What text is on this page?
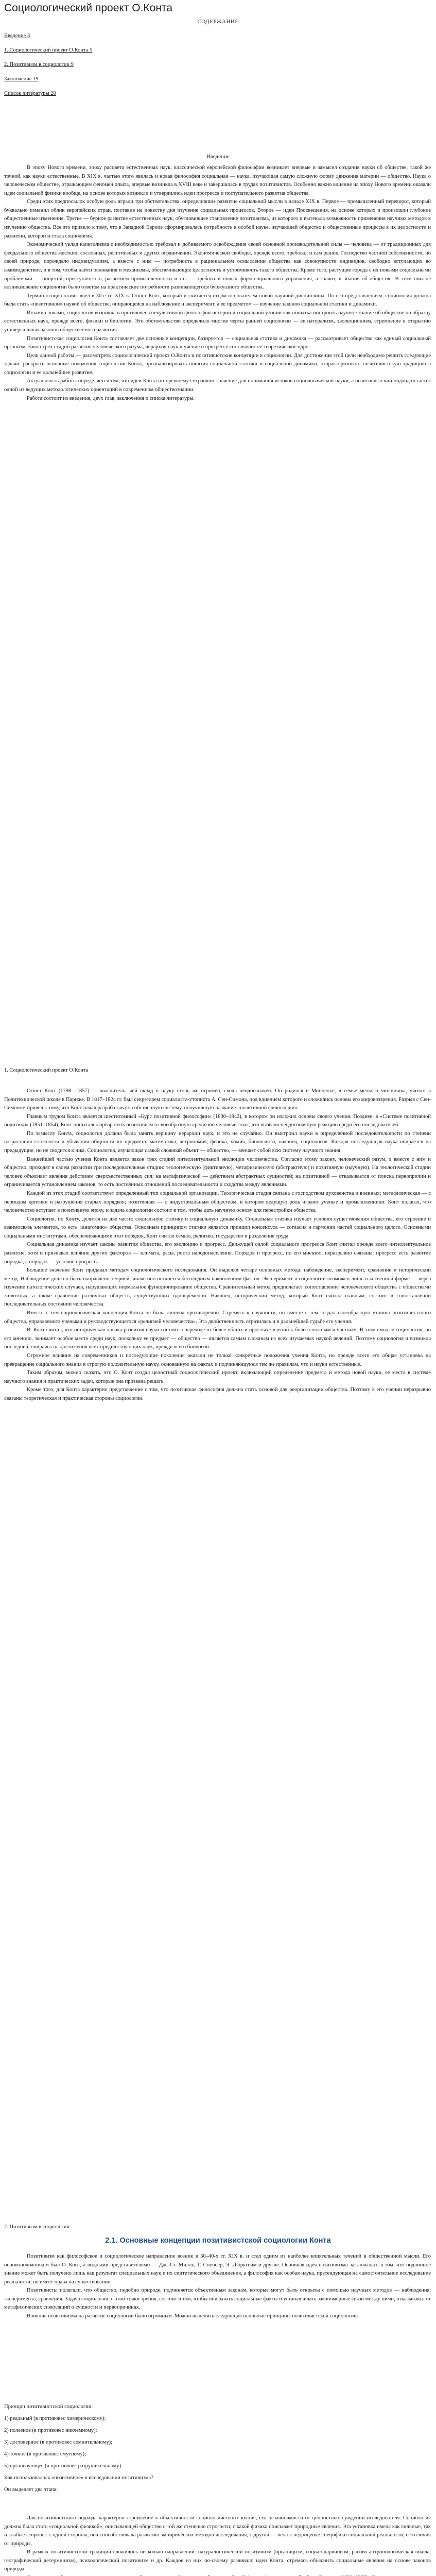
Социологический проект О.Конта
СОДЕРЖАНИЕ
Введение 3
1. Социологический проект О.Конта 5
2. Позитивизм в социологии 9
Заключение 19
Список литературы 20
Введение

В эпоху Нового времени, эпоху расцвета естественных наук, классической европейской философии возникает впервые и замысел создания науки об обществе, такой же точной, как науки естественные. В XIX в. частью этого явилась и новая философия социальная — наука, изучающая самую сложную форму движения материи — общество. Наука о человеческом обществе, отражающем феномен опыта, впервые возникла в XVIII веке и завершилась в трудах позитивистов. Особенно важно влияние на эпоху Нового времени оказали идеи социальной физики вообще, на основе которых возникли и утвердились идеи прогресса и поступательного развития общества.

Среди этих предпосылок особую роль играли три обстоятельства, определившие развитие социальной мысли в начале XIX в. Первое — промышленный переворот, который буквально изменил облик европейских стран, поставив на повестку дня изучение социальных процессов. Второе — идеи Просвещения, на основе которых и произошли глубокие общественные изменения. Третье — бурное развитие естественных наук, обусловившее становление позитивизма, из которого и вытекала возможность применения научных методов к изучению общества. Все это привело к тому, что в Западной Европе сформировалась потребность в особой науке, изучающей общество и общественные процессы в их целостности и развитии, которой и стала социология.

Экономический уклад капитализма с необходимостью требовал и добиваемого освобождения своей основной производительной силы — человека — от традиционных для феодального общества жестких, сословных, религиозных и других ограничений. Экономической свободы, прежде всего, требовал и сам рынок. Господство частной собственности, по своей природе, порождало индивидуализм, а вместе с ним — потребность в рациональном осмыслении общества как совокупности индивидов, свободно вступающих во взаимодействие, и в том, чтобы найти основания и механизмы, обеспечивающие целостность и устойчивость такого общества. Кроме того, растущие города с их новыми социальными проблемами — нищетой, преступностью, развитием промышленности и т.п. — требовали новых форм социального управления, а значит, и знания об обществе. В этом смысле возникновение социологии было ответом на практические потребности развивающегося буржуазного общества.

Термин «социология» ввел в 30-е гг. XIX в. Огюст Конт, который и считается отцом-основателем новой научной дисциплины. По его представлениям, социология должна была стать «позитивной» наукой об обществе, опирающейся на наблюдение и эксперимент, а ее предметом — изучение законов социальной статики и динамики.

Иными словами, социология возникла в противовес спекулятивной философии истории и социальной утопии как попытка построить научное знание об обществе по образцу естественных наук, прежде всего, физики и биологии. Это обстоятельство определило многие черты ранней социологии — ее натурализм, эволюционизм, стремление к открытию универсальных законов общественного развития.

Позитивистская социология Конта составляет две основные концепции, базируется — социальная статика и динамика — рассматривает общество как единый социальный организм. Закон трех стадий развития человеческого разума, иерархия наук и учение о прогрессе составляют ее теоретическое ядро.

Цель данной работы — рассмотреть социологический проект О.Конта и позитивистские концепции в социологии. Для достижения этой цели необходимо решить следующие задачи: раскрыть основные положения социологии Конта, проанализировать понятия социальной статики и социальной динамики, охарактеризовать позитивистскую традицию в социологии и ее дальнейшее развитие.

Актуальность работы определяется тем, что идеи Конта по-прежнему сохраняют значение для понимания истоков социологической науки, а позитивистский подход остается одной из ведущих методологических ориентаций в современном обществознании.

Работа состоит из введения, двух глав, заключения и списка литературы.

1. Социологический проект О.Конта

Огюст Конт (1798—1857) — мыслитель, чей вклад в науку столь же огромен, сколь неоднозначен. Он родился в Монпелье, в семье мелкого чиновника, учился в Политехнической школе в Париже. В 1817–1824 гг. был секретарем социалиста-утописта А. Сен-Симона, под влиянием которого и сложились основы его мировоззрения. Разрыв с Сен-Симоном привел к тому, что Конт начал разрабатывать собственную систему, получившую название «позитивной философии».

Главным трудом Конта является шеститомный «Курс позитивной философии» (1830–1842), в котором он изложил основы своего учения. Позднее, в «Системе позитивной политики» (1851–1854), Конт попытался превратить позитивизм в своеобразную «религию человечества», что вызвало неоднозначную реакцию среди его последователей.

По замыслу Конта, социология должна была занять вершину иерархии наук, и это не случайно. Он выстроил науки в определенной последовательности по степени возрастания сложности и убывания общности их предмета: математика, астрономия, физика, химия, биология и, наконец, социология. Каждая последующая наука опирается на предыдущие, но не сводится к ним. Социология, изучающая самый сложный объект — общество, — венчает собой всю систему научного знания.

Важнейшей частью учения Конта является закон трех стадий интеллектуальной эволюции человечества. Согласно этому закону, человеческий разум, а вместе с ним и общество, проходят в своем развитии три последовательные стадии: теологическую (фиктивную), метафизическую (абстрактную) и позитивную (научную). На теологической стадии человек объясняет явления действием сверхъестественных сил; на метафизической — действием абстрактных сущностей; на позитивной — отказывается от поиска первопричин и ограничивается установлением законов, то есть постоянных отношений последовательности и сходства между явлениями.

Каждой из этих стадий соответствует определенный тип социальной организации. Теологическая стадия связана с господством духовенства и военных; метафизическая — с периодом критики и разрушения старых порядков; позитивная — с индустриальным обществом, в котором ведущую роль играют ученые и промышленники. Конт полагал, что человечество вступает в позитивную эпоху, и задача социологии состоит в том, чтобы дать научную основу для перестройки общества.

Социология, по Конту, делится на две части: социальную статику и социальную динамику. Социальная статика изучает условия существования общества, его строение и взаимосвязь элементов, то есть «анатомию» общества. Основным принципом статики является принцип консенсуса — согласия и гармонии частей социального целого. Основными социальными институтами, обеспечивающими этот порядок, Конт считал семью, религию, государство и разделение труда.

Социальная динамика изучает законы развития общества, его эволюцию и прогресс. Движущей силой социального прогресса Конт считал прежде всего интеллектуальное развитие, хотя и признавал влияние других факторов — климата, расы, роста народонаселения. Порядок и прогресс, по его мнению, неразрывно связаны: прогресс есть развитие порядка, а порядок — условие прогресса.

Большое значение Конт придавал методам социологического исследования. Он выделял четыре основных метода: наблюдение, эксперимент, сравнение и исторический метод. Наблюдение должно быть направлено теорией, иначе оно останется бесплодным накоплением фактов. Эксперимент в социологии возможен лишь в косвенной форме — через изучение патологических случаев, нарушающих нормальное функционирование общества. Сравнительный метод предполагает сопоставление человеческого общества с обществами животных, а также сравнение различных обществ, существующих одновременно. Наконец, исторический метод, который Конт считал главным, состоит в сопоставлении последовательных состояний человечества.

Вместе с тем социологическая концепция Конта не была лишена противоречий. Стремясь к научности, он вместе с тем создал своеобразную утопию позитивистского общества, управляемого учеными и руководствующегося «религией человечества». Эта двойственность отразилась и в дальнейшей судьбе его учения.

В. Конт считал, что историческая логика развития науки состоит в переходе от более общих и простых явлений к более сложным и частным. В этом смысле социология, по его мнению, занимает особое место среди наук, поскольку ее предмет — общество — является самым сложным из всех изучаемых наукой явлений. Поэтому социология и возникла последней, опираясь на достижения всех предшествующих наук, прежде всего биологии.

Огромное влияние на современников и последующие поколения оказали не только конкретные положения учения Конта, но прежде всего его общая установка на превращение социального знания в строгую положительную науку, основанную на фактах и подчиняющуюся тем же правилам, что и науки естественные.

Таким образом, можно сказать, что О. Конт создал целостный социологический проект, включающий определение предмета и метода новой науки, ее места в системе научного знания и практических задач, которые она призвана решать.

Кроме того, для Конта характерно представление о том, что позитивная философия должна стать основой для реорганизации общества. Поэтому в его учении неразрывно связаны теоретическая и практическая стороны социологии.

2. Позитивизм в социологии
2.1. Основные концепции позитивистской социологии Конта

Позитивизм как философское и социологическое направление возник в 30–40-х гг. XIX в. и стал одним из наиболее влиятельных течений в общественной мысли. Его основоположником был О. Конт, а видными представителями — Дж. Ст. Милль, Г. Спенсер, Э. Дюркгейм и другие. Основная идея позитивизма заключалась в том, что подлинное знание может быть получено лишь как результат специальных наук и их синтетического объединения, а философия как особая наука, претендующая на самостоятельное исследование реальности, не имеет права на существование.

Позитивисты полагали, что общество, подобно природе, подчиняется объективным законам, которые могут быть открыты с помощью научных методов — наблюдения, эксперимента, сравнения. Задача социологии, с этой точки зрения, состоит в том, чтобы описывать социальные факты и устанавливать закономерные связи между ними, отказываясь от метафизических спекуляций о сущности и первопричинах.

Влияние позитивизма на развитие социологии было огромным. Можно выделить следующие основные принципы позитивистской социологии:

Принцип позитивистской социологии:
1) реальный (в противовес химерическому);
2) полезное (в противовес никчемному);
3) достоверное (в противовес сомнительному);
4) точное (в противовес смутному);
5) организующее (в противовес разрушительному).
Как использовалось «позитивное» в исследовании позитивизма?
Он выделяет два этапа:

Для позитивистского подхода характерно стремление к объективности социологического знания, его независимости от ценностных суждений исследователя. Социология должна была стать «социальной физикой», описывающей общество с той же степенью строгости, с какой физика описывает природные явления. Эта установка имела как сильные, так и слабые стороны: с одной стороны, она способствовала развитию эмпирических методов исследования, с другой — вела к недооценке специфики социальной реальности, ее отличия от природы.

В рамках позитивистской традиции сложилось несколько направлений: натуралистический позитивизм (органицизм, социал-дарвинизм, расово-антропологическая школа, географический детерминизм), психологический позитивизм и др. Каждое из них по-своему развивало идеи Конта, стремясь объяснить социальные явления на основе законов природы.
